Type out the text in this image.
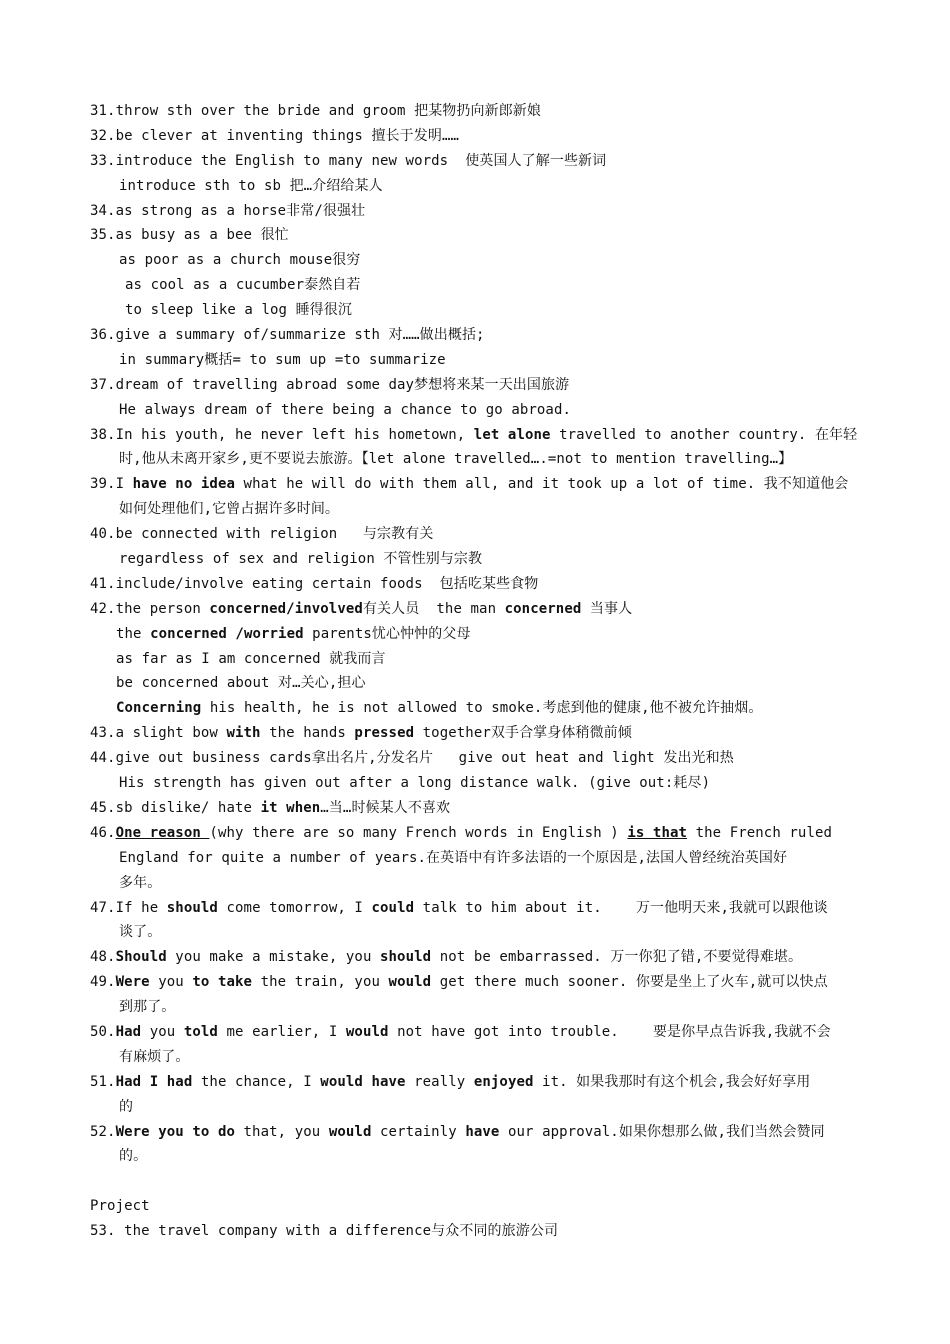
31.throw sth over the bride and groom 把某物扔向新郎新娘
32.be clever at inventing things 擅长于发明……
33.introduce the English to many new words  使英国人了解一些新词
introduce sth to sb 把…介绍给某人
34.as strong as a horse非常/很强壮
35.as busy as a bee 很忙
as poor as a church mouse很穷
as cool as a cucumber泰然自若
to sleep like a log 睡得很沉
36.give a summary of/summarize sth 对……做出概括;
in summary概括= to sum up =to summarize
37.dream of travelling abroad some day梦想将来某一天出国旅游
He always dream of there being a chance to go abroad.
38.In his youth, he never left his hometown, let alone travelled to another country. 在年轻
时,他从未离开家乡,更不要说去旅游。【let alone travelled….=not to mention travelling…】
39.I have no idea what he will do with them all, and it took up a lot of time. 我不知道他会
如何处理他们,它曾占据许多时间。
40.be connected with religion   与宗教有关
regardless of sex and religion 不管性别与宗教
41.include/involve eating certain foods  包括吃某些食物
42.the person concerned/involved有关人员  the man concerned 当事人
the concerned /worried parents忧心忡忡的父母
as far as I am concerned 就我而言
be concerned about 对…关心,担心
Concerning his health, he is not allowed to smoke.考虑到他的健康,他不被允许抽烟。
43.a slight bow with the hands pressed together双手合掌身体稍微前倾
44.give out business cards拿出名片,分发名片   give out heat and light 发出光和热
His strength has given out after a long distance walk. (give out:耗尽)
45.sb dislike/ hate it when…当…时候某人不喜欢
46.One reason (why there are so many French words in English ) is that the French ruled
England for quite a number of years.在英语中有许多法语的一个原因是,法国人曾经统治英国好
多年。
47.If he should come tomorrow, I could talk to him about it.    万一他明天来,我就可以跟他谈
谈了。
48.Should you make a mistake, you should not be embarrassed. 万一你犯了错,不要觉得难堪。
49.Were you to take the train, you would get there much sooner. 你要是坐上了火车,就可以快点
到那了。
50.Had you told me earlier, I would not have got into trouble.    要是你早点告诉我,我就不会
有麻烦了。
51.Had I had the chance, I would have really enjoyed it. 如果我那时有这个机会,我会好好享用
的
52.Were you to do that, you would certainly have our approval.如果你想那么做,我们当然会赞同
的。
Project
53. the travel company with a difference与众不同的旅游公司
